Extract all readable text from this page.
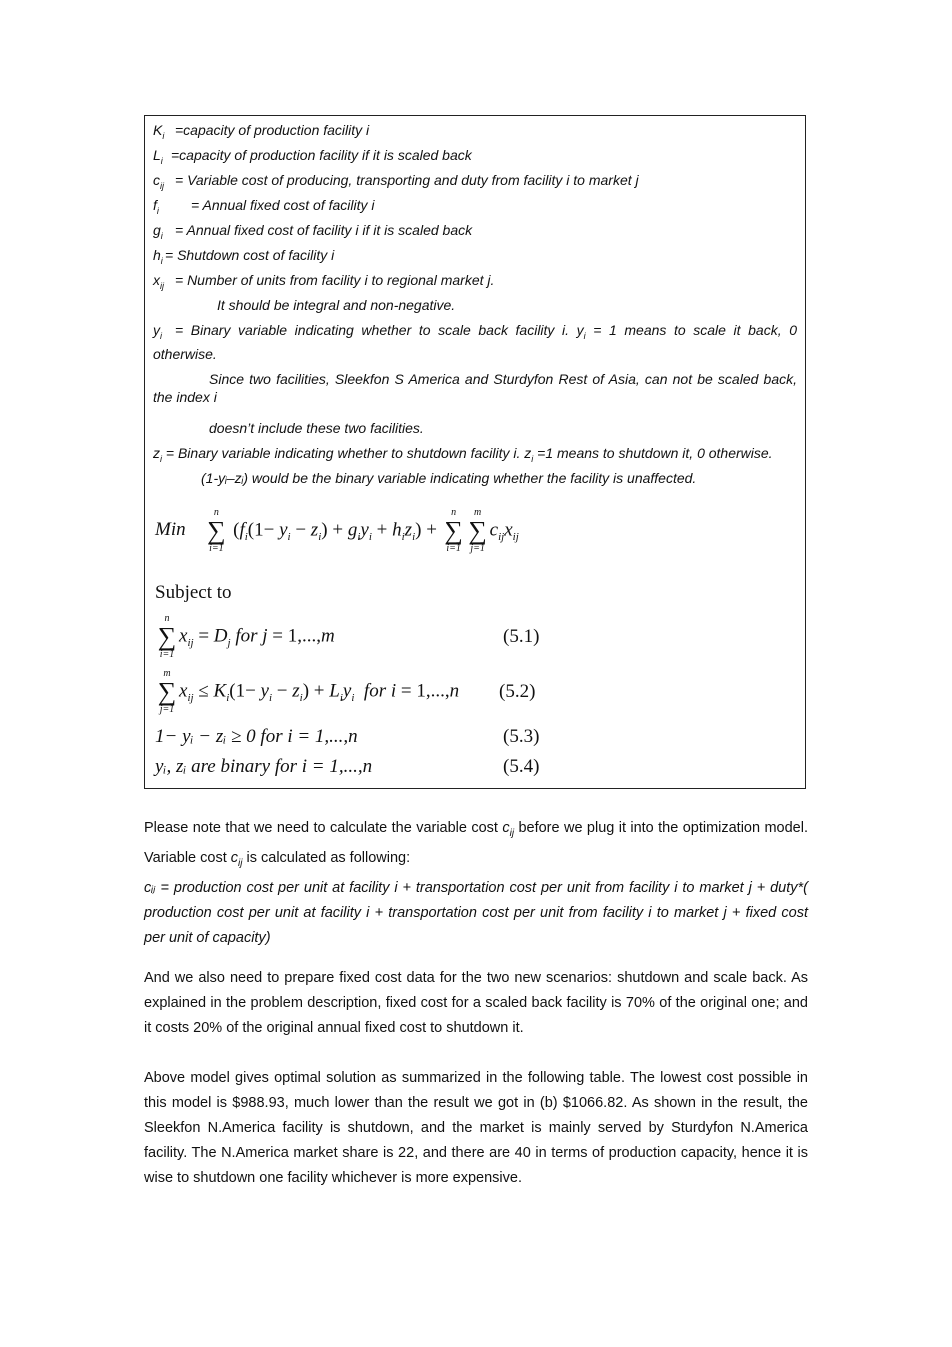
$K_i$ =capacity of production facility i
$L_i$ =capacity of production facility if it is scaled back
$c_{ij}$ = Variable cost of producing, transporting and duty from facility i to market j
$f_i$ = Annual fixed cost of facility i
$g_i$ = Annual fixed cost of facility i if it is scaled back
$h_i$ = Shutdown cost of facility i
$x_{ij}$ = Number of units from facility i to regional market j.
It should be integral and non-negative.
$y_i$ = Binary variable indicating whether to scale back facility i. $y_i = 1$ means to scale it back, 0 otherwise.
Since two facilities, Sleekfon S America and Sturdyfon Rest of Asia, can not be scaled back, the index i
doesn’t include these two facilities.
$z_i$ = Binary variable indicating whether to shutdown facility i. $z_i =1$ means to shutdown it, 0 otherwise.
(1-yᵢ–zᵢ) would be the binary variable indicating whether the facility is unaffected.
Min
n
∑
i=1
$(f_i(1- y_i - z_i) + g_iy_i + h_iz_i)$ +
n
∑
i=1
m
∑
j=1
$c_{ij}x_{ij}$
Subject to
n
∑
i=1
$x_{ij} = D_j$ for j = 1,...,m	(5.1)
m
∑
j=1
$x_{ij} \le K_i(1- y_i - z_i) + L_iy_i$  for i = 1,...,n (5.2)
1− yᵢ − zᵢ ≥ 0 for i = 1,...,n	(5.3)
yᵢ, zᵢ are binary for i = 1,...,n	(5.4)
Please note that we need to calculate the variable cost $c_{ij}$ before we plug it into the optimization model. Variable cost $c_{ij}$ is calculated as following:
cᵢⱼ = production cost per unit at facility i + transportation cost per unit from facility i to market j + duty*( production cost per unit at facility i + transportation cost per unit from facility i to market j + fixed cost per unit of capacity)
And we also need to prepare fixed cost data for the two new scenarios: shutdown and scale back. As explained in the problem description, fixed cost for a scaled back facility is 70% of the original one; and it costs 20% of the original annual fixed cost to shutdown it.
Above model gives optimal solution as summarized in the following table. The lowest cost possible in this model is $988.93, much lower than the result we got in (b) $1066.82. As shown in the result, the Sleekfon N.America facility is shutdown, and the market is mainly served by Sturdyfon N.America facility. The N.America market share is 22, and there are 40 in terms of production capacity, hence it is wise to shutdown one facility whichever is more expensive.
